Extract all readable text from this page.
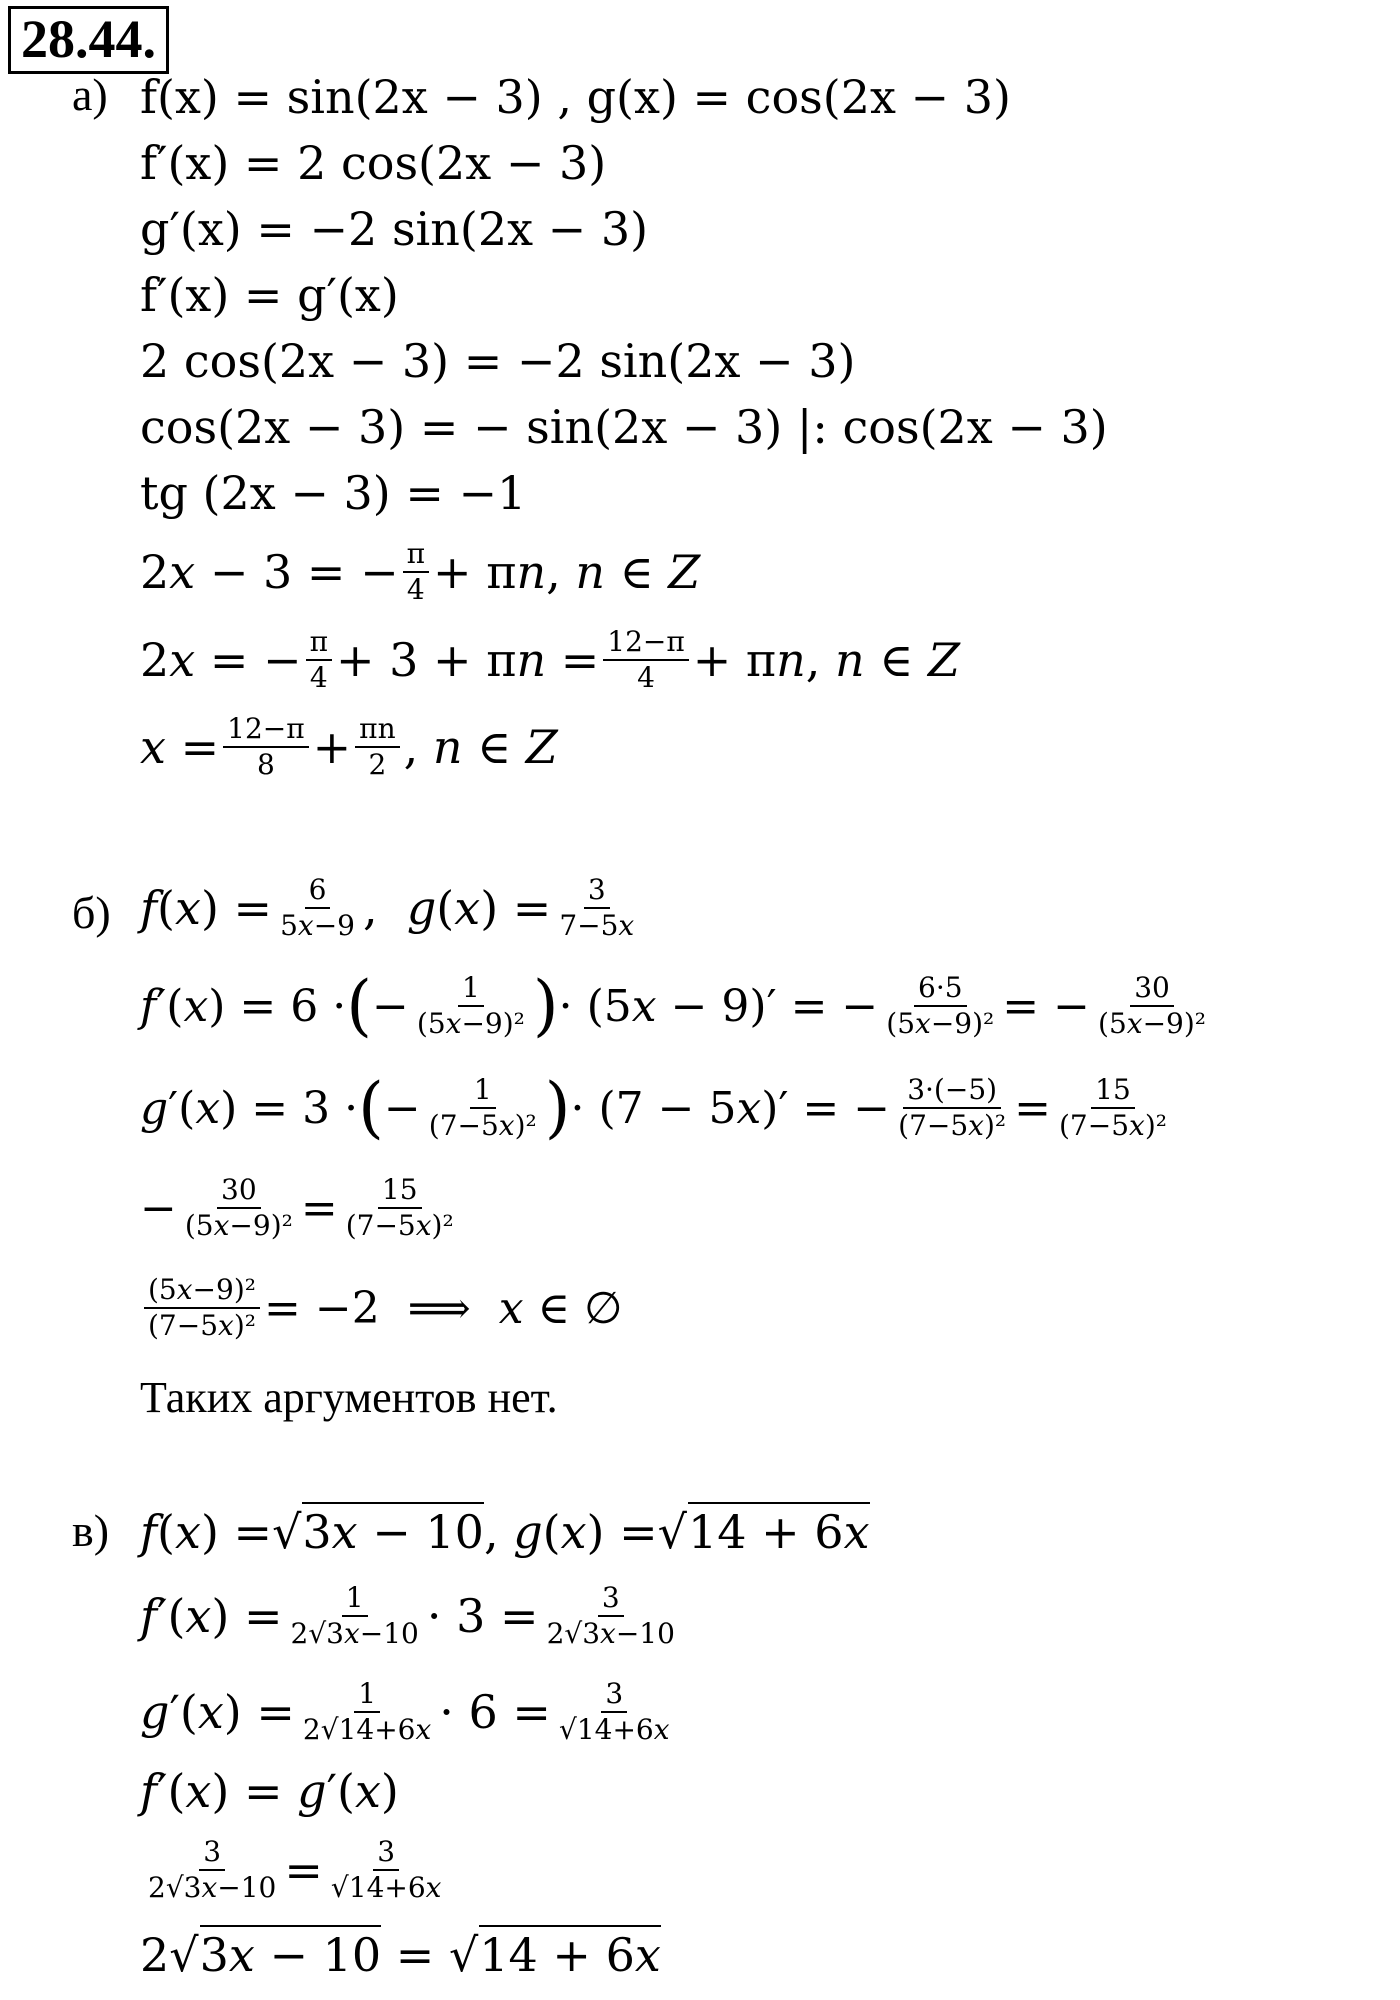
28.44.
а) f(x) = sin(2x − 3) , g(x) = cos(2x − 3)
f′(x) = 2 cos(2x − 3)
g′(x) = −2 sin(2x − 3)
f′(x) = g′(x)
2 cos(2x − 3) = −2 sin(2x − 3)
cos(2x − 3) = − sin(2x − 3) |: cos(2x − 3)
tg (2x − 3) = −1
2x − 3 = − $\frac{\pi}{4} + \pi n$, n ∈ Z
2x = − $\frac{\pi}{4} + 3 + \pi n = \frac{12-\pi}{4} + \pi n$, n ∈ Z
$x = \frac{12-\pi}{8} + \frac{\pi n}{2}$ , n ∈ Z
б) $f(x) = \frac{6}{5x-9}$ ,  $g(x) = \frac{3}{7-5x}$
f′(x) = 6 · ( − $\frac{1}{\text{(5x−9)²}}$ ) · (5x − 9)′ = − $\frac{6\cdot 5}{\text{(5x−9)²}}$ = − $\frac{30}{\text{(5x−9)²}}$
g′(x) = 3 · ( − $\frac{1}{\text{(7−5x)²}}$ ) · (7 − 5x)′ = − $\frac{3\cdot(-5)}{\text{(7−5x)²}} = \frac{15}{\text{(7−5x)²}}$
− $\frac{30}{\text{(5x−9)²}} = \frac{15}{\text{(7−5x)²}}$
$\frac{\text{(5x−9)²}}{\text{(7−5x)²}} = -2$  ⟹  x ∈ ∅
Таких аргументов нет.
в) f(x) = √3x − 10 , g(x) = √14 + 6x
$f'(x) = \frac{1}{2√3x-10} \cdot 3 = \frac{3}{2√3x-10}$
$g'(x) = \frac{1}{2√14+6x} \cdot 6 = \frac{3}{√14+6x}$
f′(x) = g′(x)
$\frac{3}{2√3x-10} = \frac{3}{√14+6x}$
2 √3x − 10 = √14 + 6x
